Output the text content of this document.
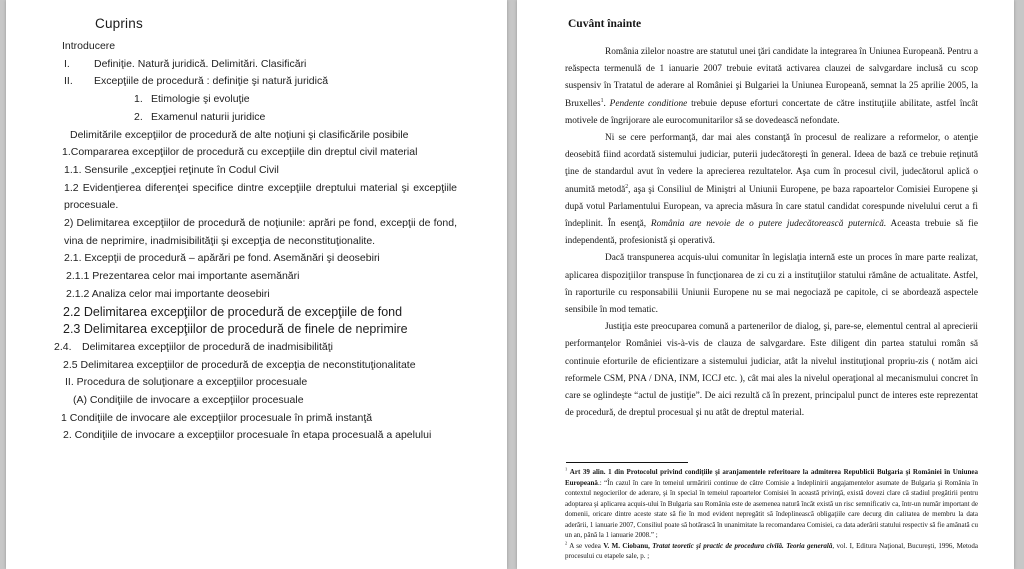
Cuprins
Introducere
I. Definiţie. Natură juridică. Delimitări. Clasificări
II. Excepţiile de procedură : definiţie şi natură juridică
1. Etimologie şi evoluţie
2. Examenul naturii juridice
Delimitările excepţiilor de procedură de alte noţiuni şi clasificările posibile
1.Compararea excepţiilor de procedură cu excepţiile din dreptul civil material
1.1. Sensurile „excepţiei reţinute în Codul Civil
1.2 Evidenţierea diferenţei specifice dintre excepţiile dreptului material şi excepţiile procesuale.
2) Delimitarea excepţiilor de procedură de noţiunile: aprări pe fond, excepţii de fond, vina de neprimire, inadmisibilităţii şi excepţia de neconstituţionalite.
2.1. Excepţii de procedură – apărări pe fond. Asemănări şi deosebiri
2.1.1 Prezentarea celor mai importante asemănări
2.1.2 Analiza celor mai importante deosebiri
2.2 Delimitarea excepţiilor de procedură de excepţiile de fond
2.3 Delimitarea excepţiilor de procedură de finele de neprimire
2.4. Delimitarea excepţiilor de procedură de inadmisibilităţi
2.5 Delimitarea excepţiilor de procedură de excepţia de neconstituţionalitate
II. Procedura de soluţionare a excepţiilor procesuale
(A) Condiţiile de invocare a excepţiilor procesuale
1 Condiţiile de invocare ale excepţiilor procesuale în primă instanţă
2. Condiţiile de invocare a excepţiilor procesuale în etapa procesuală a apelului
Cuvânt înainte

România zilelor noastre are statutul unei ţări candidate la integrarea în Uniunea Europeană. Pentru a reăspecta termenulă de 1 ianuarie 2007 trebuie evitată activarea clauzei de salvgardare inclusă cu scop suspensiv în Tratatul de aderare al României şi Bulgariei la Uniunea Europeană, semnat la 25 aprilie 2005, la Bruxelles$^1$. Pendente conditione trebuie depuse eforturi concertate de către instituţiile abilitate, astfel încât motivele de îngrijorare ale eurocomunitarilor să se dovedească nefondate.

Ni se cere performanţă, dar mai ales constanţă în procesul de realizare a reformelor, o atenţie deosebită fiind acordată sistemului judiciar, puterii judecătoreşti în general. Ideea de bază ce trebuie reţinută ţine de standardul avut în vedere la aprecierea rezultatelor. Aşa cum în procesul civil, judecătorul aplică o anumită metodă$^2$, aşa şi Consiliul de Miniştri al Uniunii Europene, pe baza rapoartelor Comisiei Europene şi după votul Parlamentului European, va aprecia măsura în care statul candidat corespunde nivelului cerut a fi îndeplinit. În esenţă, România are nevoie de o putere judecătorească puternică. Aceasta trebuie să fie independentă, profesionistă şi operativă.

Dacă transpunerea acquis-ului comunitar în legislaţia internă este un proces în mare parte realizat, aplicarea dispoziţiilor transpuse în funcţionarea de zi cu zi a instituţiilor statului rămâne de actualitate. Astfel, în raporturile cu responsabilii Uniunii Europene nu se mai negociază pe capitole, ci se abordează aspectele sensibile în mod tematic.

Justiţia este preocuparea comună a partenerilor de dialog, şi, pare-se, elementul central al aprecierii performanţelor României vis-à-vis de clauza de salvgardare. Este diligent din partea statului român să continuie eforturile de eficientizare a sistemului judiciar, atât la nivelul instituţional propriu-zis ( notăm aici reformele CSM, PNA / DNA, INM, ICCJ etc. ), cât mai ales la nivelul operaţional al mecanismului concret în care se oglindeşte “actul de justiţie”. De aici rezultă că în prezent, principalul punct de interes este reprezentat de procedură, de dreptul procesual şi nu atât de dreptul material.

$^1$ Art 39 alin. 1 din Protocolul privind condiţiile şi aranjamentele referitoare la admiterea Republicii Bulgaria şi României în Uniunea Europeană.: “În cazul în care în temeiul urmăririi continue de către Comisie a îndeplinirii angajamentelor asumate de Bulgaria şi România în contextul negocierilor de aderare, şi în special în temeiul rapoartelor Comisiei în această privinţă, există dovezi clare că stadiul pregătirii pentru adoptarea şi aplicarea acquis-ului în Bulgaria sau România este de asemenea natură încât există un risc semnificativ ca, într-un număr important de domenii, oricare dintre aceste state să fie în mod evident nepregătit să îndeplinească obligaţiile care decurg din calitatea de membru la data aderării, 1 ianuarie 2007, Consiliul poate să hotărască în unanimitate la recomandarea Comisiei, ca data aderării statului respectiv să fie amânată cu un an, până la 1 ianuarie 2008.” ;

$^2$ A se vedea V. M. Ciobanu, Tratat teoretic şi practic de procedura civilă. Teoria generală, vol. I, Editura Naţional, Bucureşti, 1996, Metoda procesului cu etapele sale, p. ;
